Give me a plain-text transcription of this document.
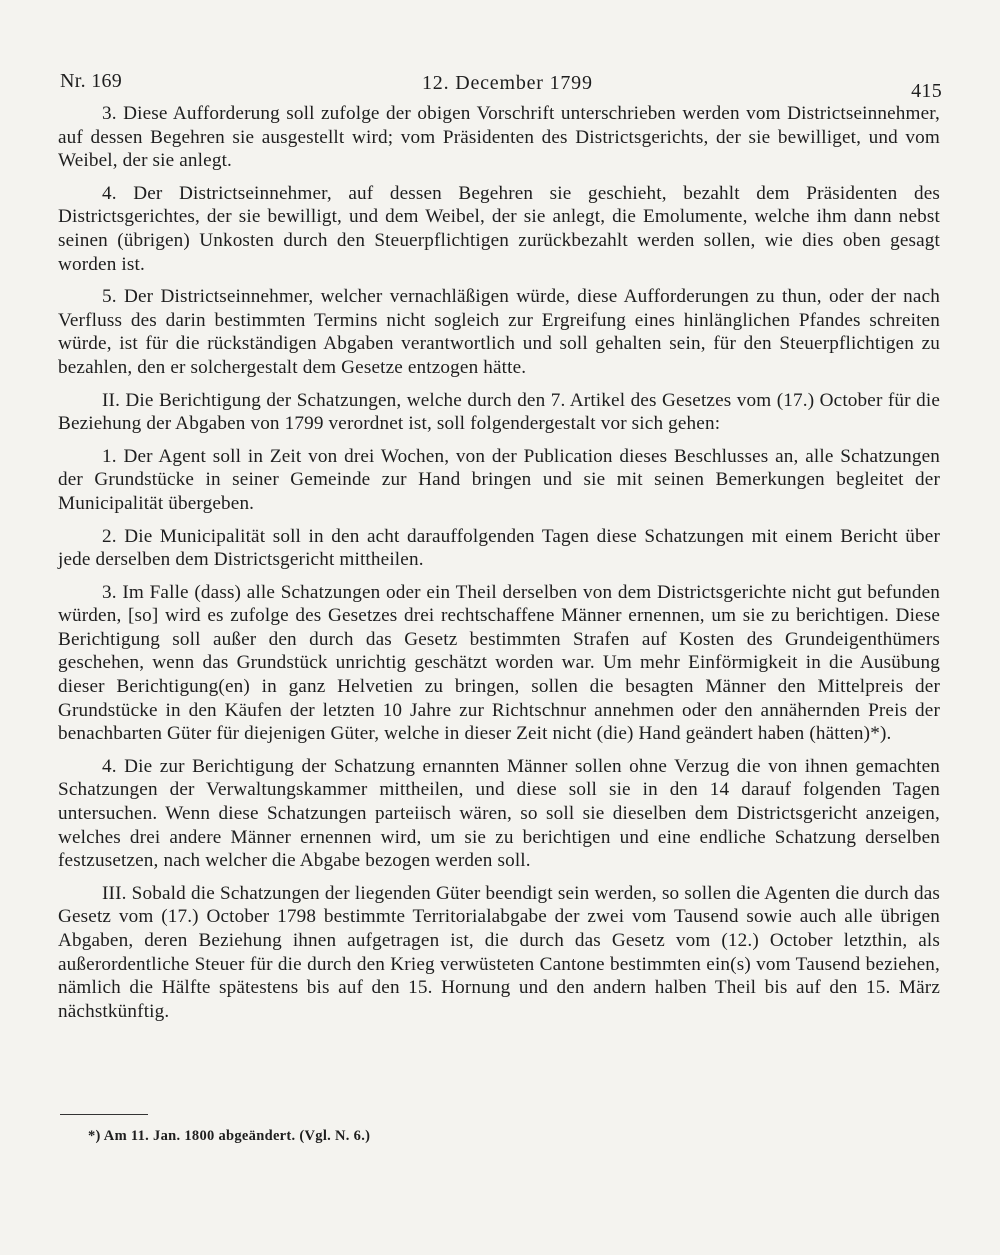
Nr. 169	12. December 1799	415

3. Diese Aufforderung soll zufolge der obigen Vorschrift unterschrieben werden vom Districtseinnehmer, auf dessen Begehren sie ausgestellt wird; vom Präsidenten des Districtsgerichts, der sie bewilliget, und vom Weibel, der sie anlegt.

4. Der Districtseinnehmer, auf dessen Begehren sie geschieht, bezahlt dem Präsidenten des Districtsgerichtes, der sie bewilligt, und dem Weibel, der sie anlegt, die Emolumente, welche ihm dann nebst seinen (übrigen) Unkosten durch den Steuerpflichtigen zurückbezahlt werden sollen, wie dies oben gesagt worden ist.

5. Der Districtseinnehmer, welcher vernachläßigen würde, diese Aufforderungen zu thun, oder der nach Verfluss des darin bestimmten Termins nicht sogleich zur Ergreifung eines hinlänglichen Pfandes schreiten würde, ist für die rückständigen Abgaben verantwortlich und soll gehalten sein, für den Steuerpflichtigen zu bezahlen, den er solchergestalt dem Gesetze entzogen hätte.

II. Die Berichtigung der Schatzungen, welche durch den 7. Artikel des Gesetzes vom (17.) October für die Beziehung der Abgaben von 1799 verordnet ist, soll folgendergestalt vor sich gehen:

1. Der Agent soll in Zeit von drei Wochen, von der Publication dieses Beschlusses an, alle Schatzungen der Grundstücke in seiner Gemeinde zur Hand bringen und sie mit seinen Bemerkungen begleitet der Municipalität übergeben.

2. Die Municipalität soll in den acht darauffolgenden Tagen diese Schatzungen mit einem Bericht über jede derselben dem Districtsgericht mittheilen.

3. Im Falle (dass) alle Schatzungen oder ein Theil derselben von dem Districtsgerichte nicht gut befunden würden, [so] wird es zufolge des Gesetzes drei rechtschaffene Männer ernennen, um sie zu berichtigen. Diese Berichtigung soll außer den durch das Gesetz bestimmten Strafen auf Kosten des Grundeigenthümers geschehen, wenn das Grundstück unrichtig geschätzt worden war. Um mehr Einförmigkeit in die Ausübung dieser Berichtigung(en) in ganz Helvetien zu bringen, sollen die besagten Männer den Mittelpreis der Grundstücke in den Käufen der letzten 10 Jahre zur Richtschnur annehmen oder den annähernden Preis der benachbarten Güter für diejenigen Güter, welche in dieser Zeit nicht (die) Hand geändert haben (hätten)*).

4. Die zur Berichtigung der Schatzung ernannten Männer sollen ohne Verzug die von ihnen gemachten Schatzungen der Verwaltungskammer mittheilen, und diese soll sie in den 14 darauf folgenden Tagen untersuchen. Wenn diese Schatzungen parteiisch wären, so soll sie dieselben dem Districtsgericht anzeigen, welches drei andere Männer ernennen wird, um sie zu berichtigen und eine endliche Schatzung derselben festzusetzen, nach welcher die Abgabe bezogen werden soll.

III. Sobald die Schatzungen der liegenden Güter beendigt sein werden, so sollen die Agenten die durch das Gesetz vom (17.) October 1798 bestimmte Territorialabgabe der zwei vom Tausend sowie auch alle übrigen Abgaben, deren Beziehung ihnen aufgetragen ist, die durch das Gesetz vom (12.) October letzthin, als außerordentliche Steuer für die durch den Krieg verwüsteten Cantone bestimmten ein(s) vom Tausend beziehen, nämlich die Hälfte spätestens bis auf den 15. Hornung und den andern halben Theil bis auf den 15. März nächstkünftig.

*) Am 11. Jan. 1800 abgeändert. (Vgl. N. 6.)
